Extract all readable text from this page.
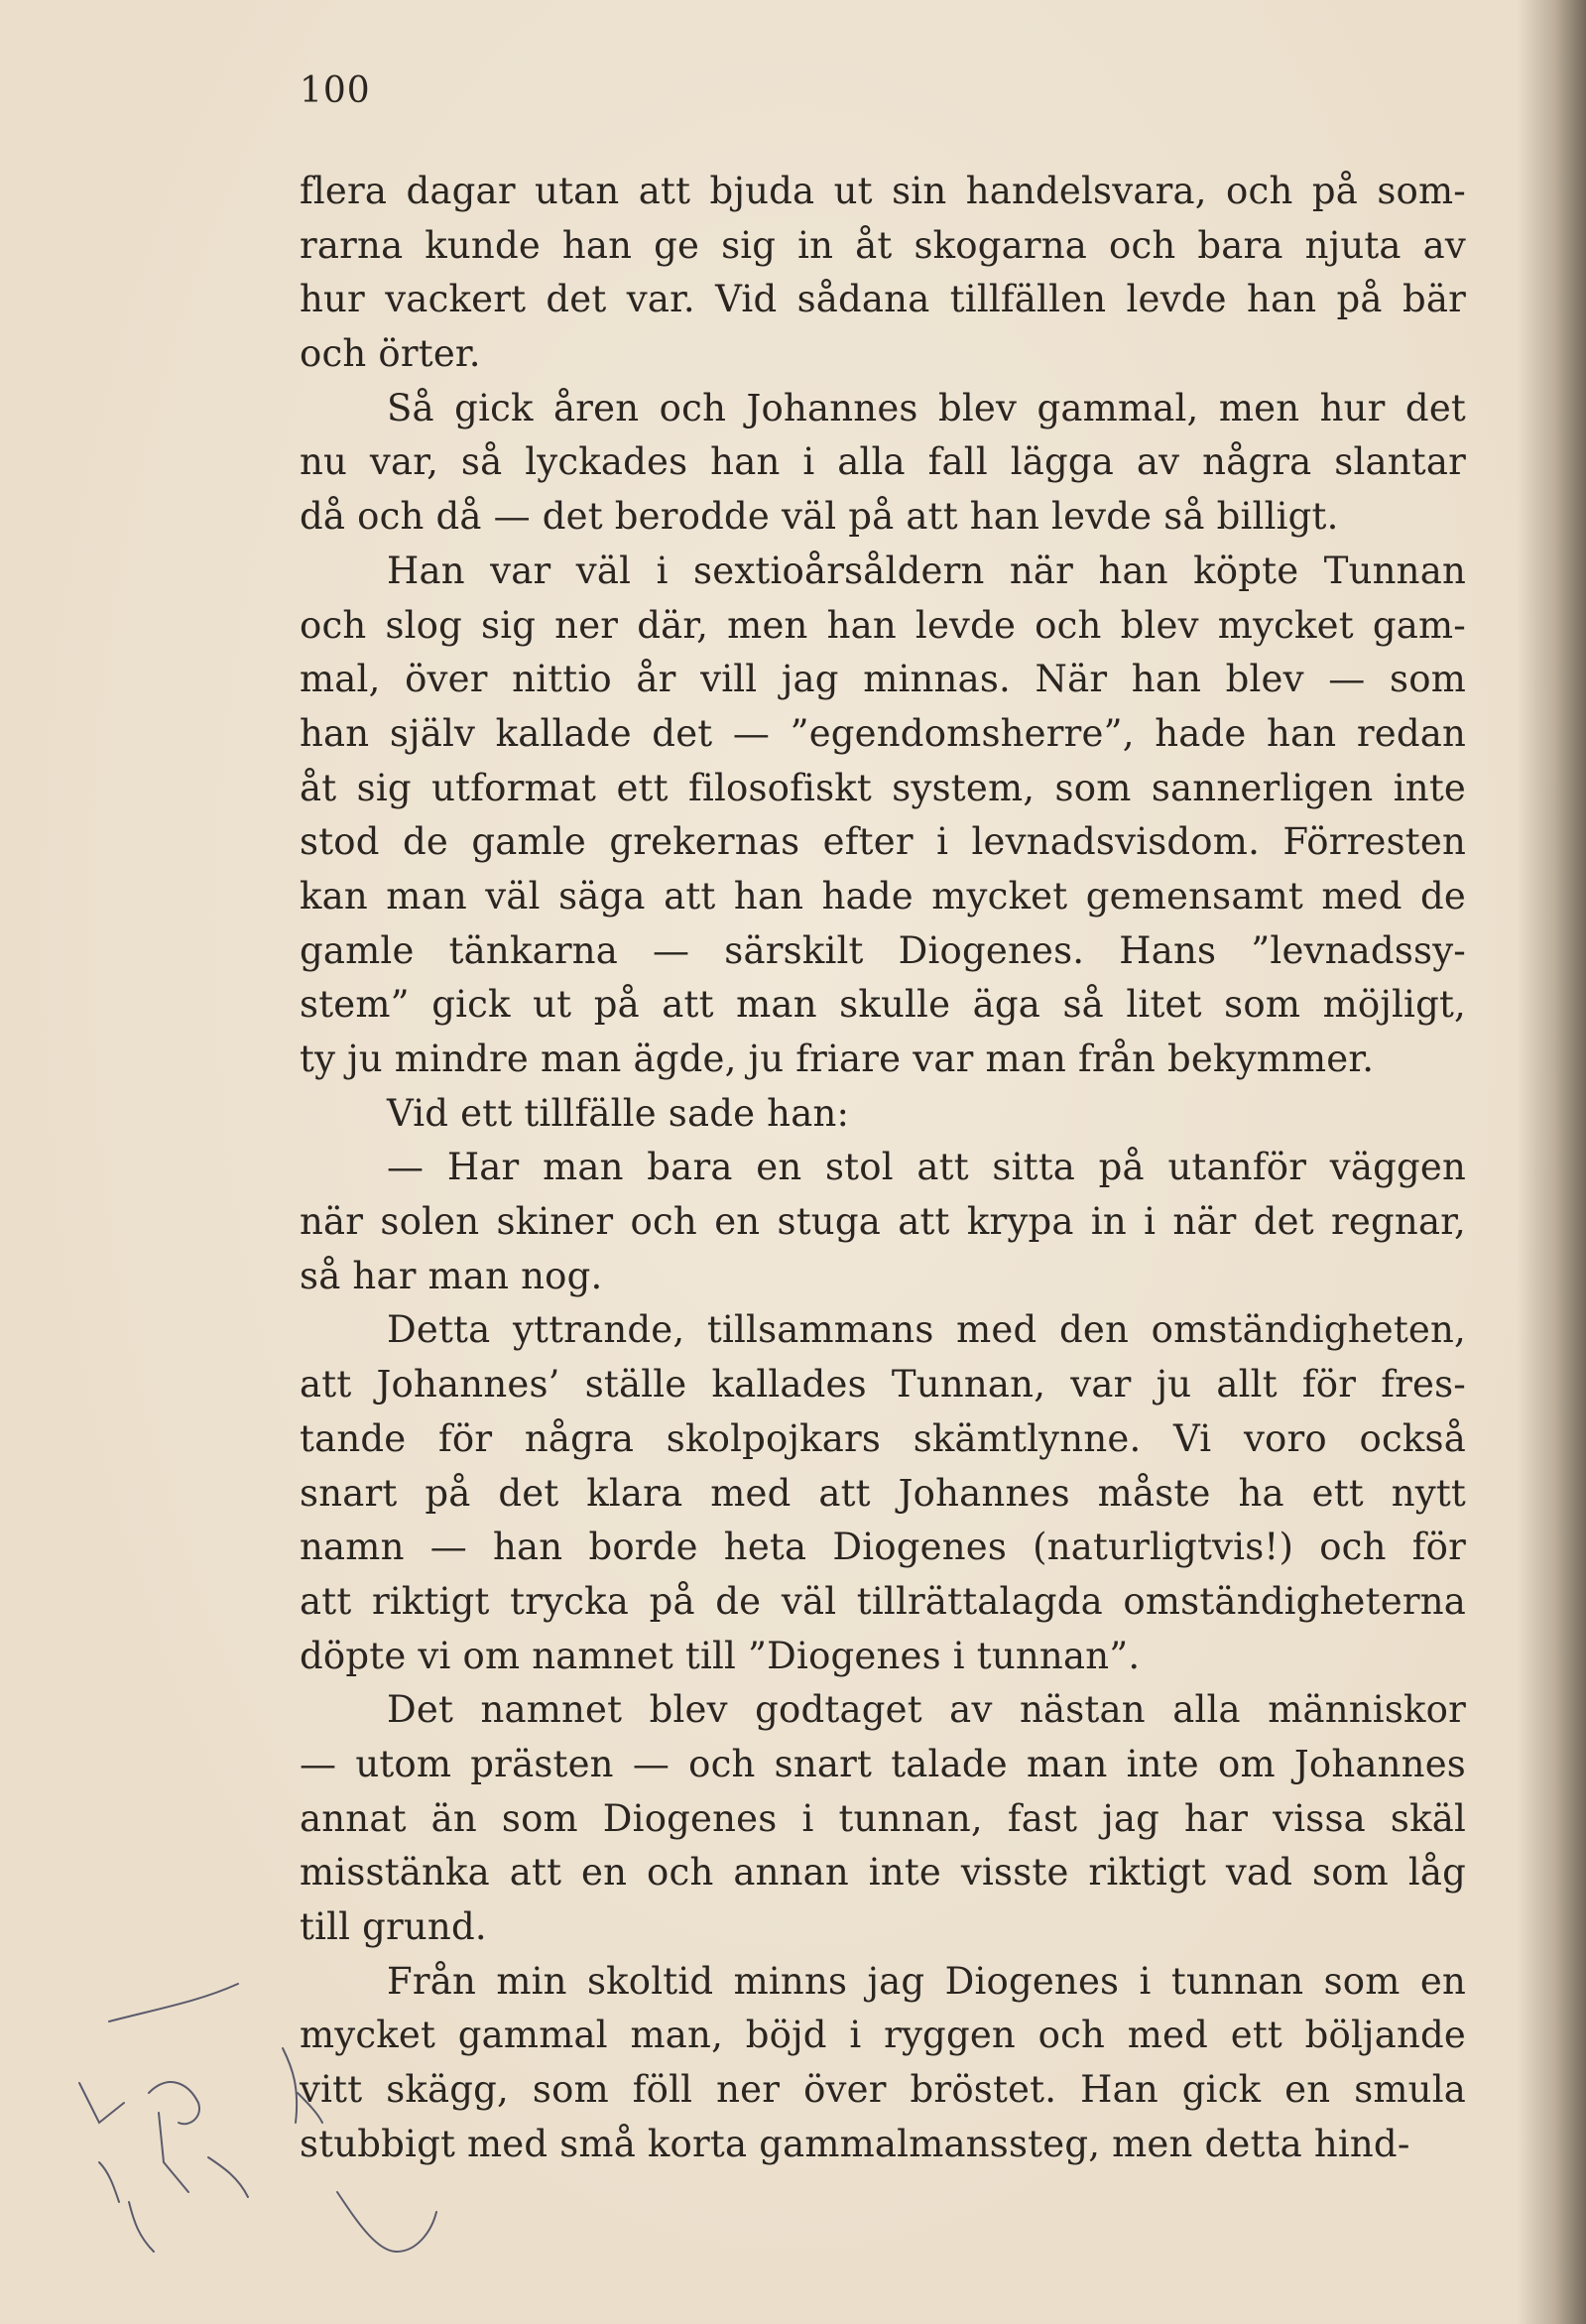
100
flera dagar utan att bjuda ut sin handelsvara, och på som-
rarna kunde han ge sig in åt skogarna och bara njuta av
hur vackert det var. Vid sådana tillfällen levde han på bär
och örter.
Så gick åren och Johannes blev gammal, men hur det
nu var, så lyckades han i alla fall lägga av några slantar
då och då — det berodde väl på att han levde så billigt.
Han var väl i sextioårsåldern när han köpte Tunnan
och slog sig ner där, men han levde och blev mycket gam-
mal, över nittio år vill jag minnas. När han blev — som
han själv kallade det — ”egendomsherre”, hade han redan
åt sig utformat ett filosofiskt system, som sannerligen inte
stod de gamle grekernas efter i levnadsvisdom. Förresten
kan man väl säga att han hade mycket gemensamt med de
gamle tänkarna — särskilt Diogenes. Hans ”levnadssy-
stem” gick ut på att man skulle äga så litet som möjligt,
ty ju mindre man ägde, ju friare var man från bekymmer.
Vid ett tillfälle sade han:
— Har man bara en stol att sitta på utanför väggen
när solen skiner och en stuga att krypa in i när det regnar,
så har man nog.
Detta yttrande, tillsammans med den omständigheten,
att Johannes’ ställe kallades Tunnan, var ju allt för fres-
tande för några skolpojkars skämtlynne. Vi voro också
snart på det klara med att Johannes måste ha ett nytt
namn — han borde heta Diogenes (naturligtvis!) och för
att riktigt trycka på de väl tillrättalagda omständigheterna
döpte vi om namnet till ”Diogenes i tunnan”.
Det namnet blev godtaget av nästan alla människor
— utom prästen — och snart talade man inte om Johannes
annat än som Diogenes i tunnan, fast jag har vissa skäl
misstänka att en och annan inte visste riktigt vad som låg
till grund.
Från min skoltid minns jag Diogenes i tunnan som en
mycket gammal man, böjd i ryggen och med ett böljande
vitt skägg, som föll ner över bröstet. Han gick en smula
stubbigt med små korta gammalmanssteg, men detta hind-
